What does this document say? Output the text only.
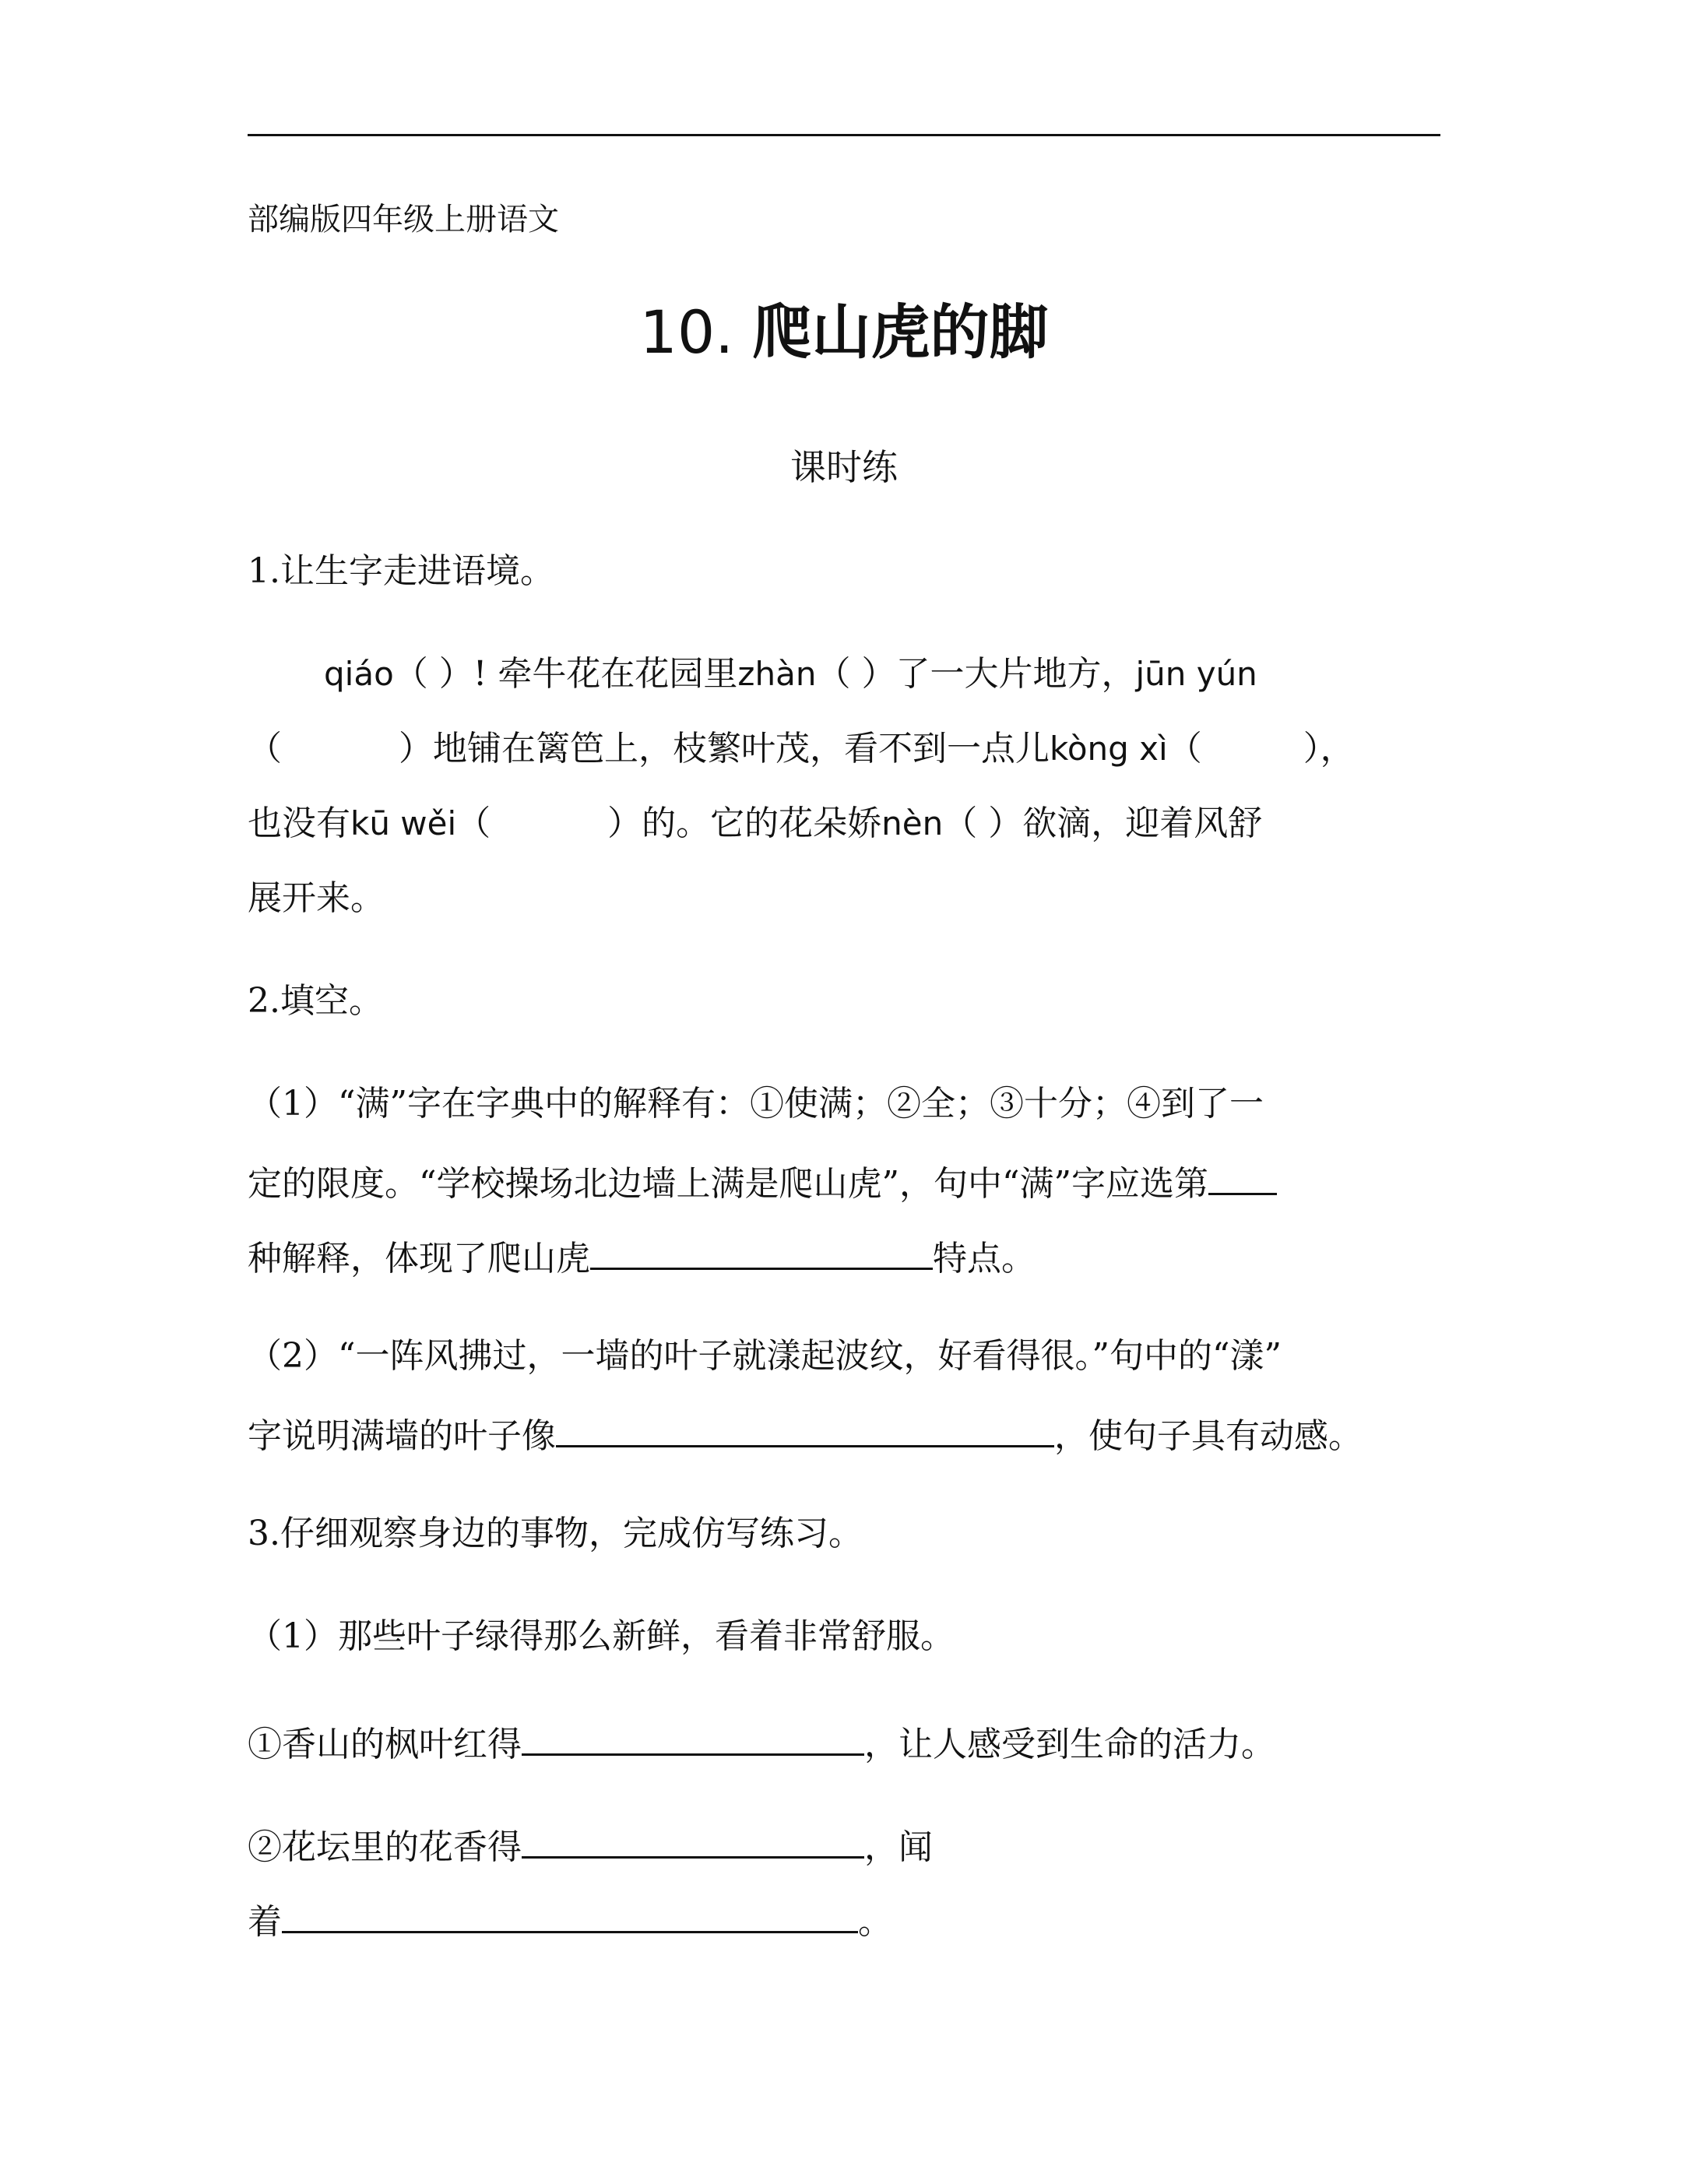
部编版四年级上册语文
10. 爬山虎的脚
课时练
1.让生字走进语境。
qiáo（ ）! 牵牛花在花园里zhàn（ ）了一大片地方，jūn yún
（	）地铺在篱笆上，枝繁叶茂，看不到一点儿kòng xì（	），
也没有kū wěi（	）的。它的花朵娇nèn（ ）欲滴，迎着风舒
展开来。
2.填空。
（1）“满”字在字典中的解释有：①使满；②全；③十分；④到了一
定的限度。“学校操场北边墙上满是爬山虎”，句中“满”字应选第
种解释，体现了爬山虎	特点。
（2）“一阵风拂过，一墙的叶子就漾起波纹，好看得很。”句中的“漾”
字说明满墙的叶子像	，使句子具有动感。
3.仔细观察身边的事物，完成仿写练习。
（1）那些叶子绿得那么新鲜，看着非常舒服。
①香山的枫叶红得	，让人感受到生命的活力。
②花坛里的花香得	，闻
着	。
